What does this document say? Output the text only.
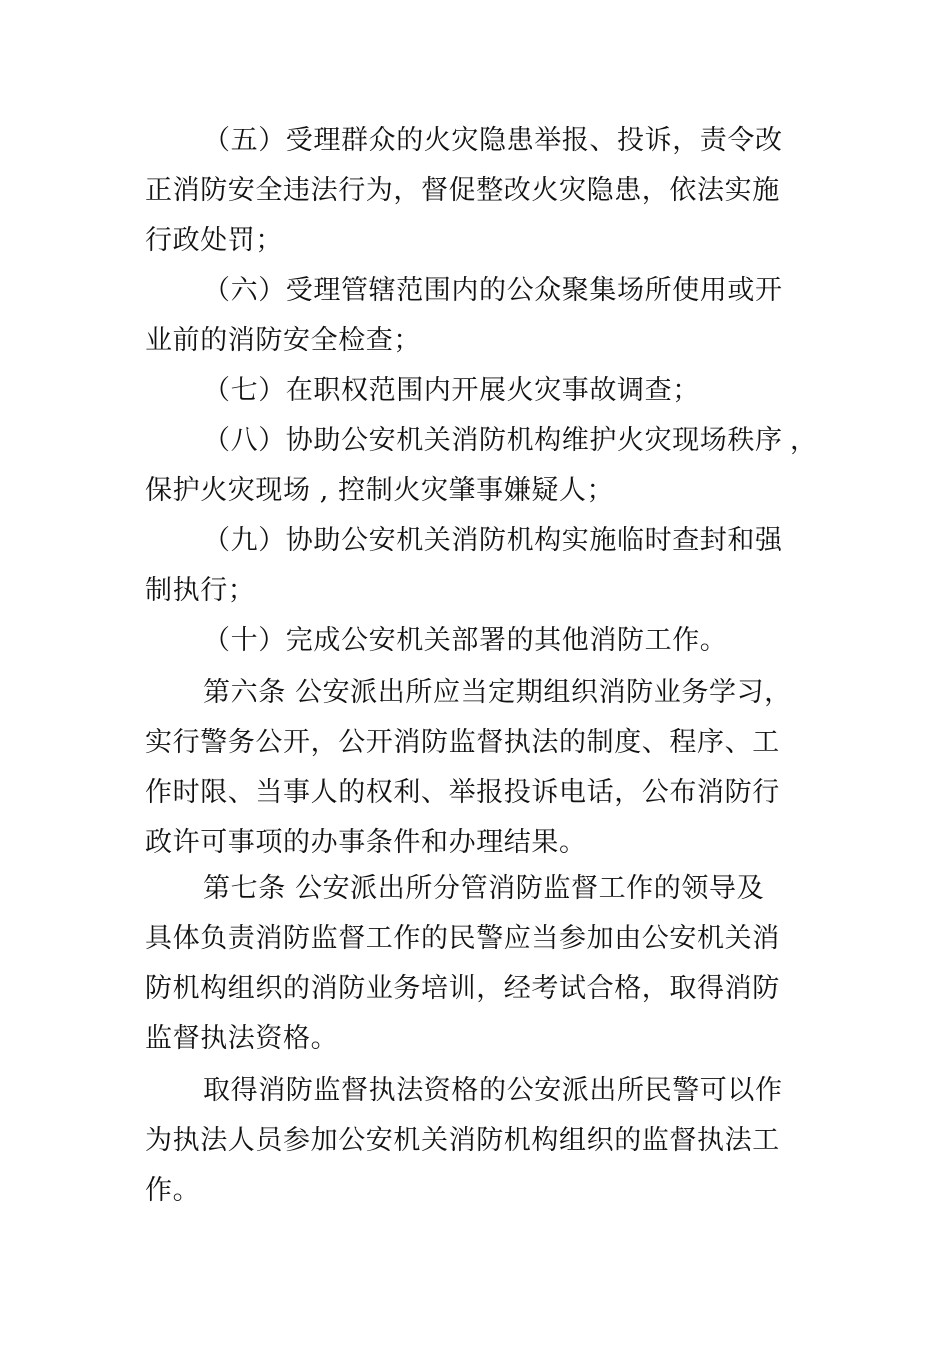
（五）受理群众的火灾隐患举报、投诉，责令改
正消防安全违法行为，督促整改火灾隐患，依法实施
行政处罚；
（六）受理管辖范围内的公众聚集场所使用或开
业前的消防安全检查；
（七）在职权范围内开展火灾事故调查；
（八）协助公安机关消防机构维护火灾现场秩序 ，
保护火灾现场 , 控制火灾肇事嫌疑人；
（九）协助公安机关消防机构实施临时查封和强
制执行；
（十）完成公安机关部署的其他消防工作。
第六条 公安派出所应当定期组织消防业务学习，
实行警务公开，公开消防监督执法的制度、程序、工
作时限、当事人的权利、举报投诉电话，公布消防行
政许可事项的办事条件和办理结果。
第七条 公安派出所分管消防监督工作的领导及
具体负责消防监督工作的民警应当参加由公安机关消
防机构组织的消防业务培训，经考试合格，取得消防
监督执法资格。
取得消防监督执法资格的公安派出所民警可以作
为执法人员参加公安机关消防机构组织的监督执法工
作。
